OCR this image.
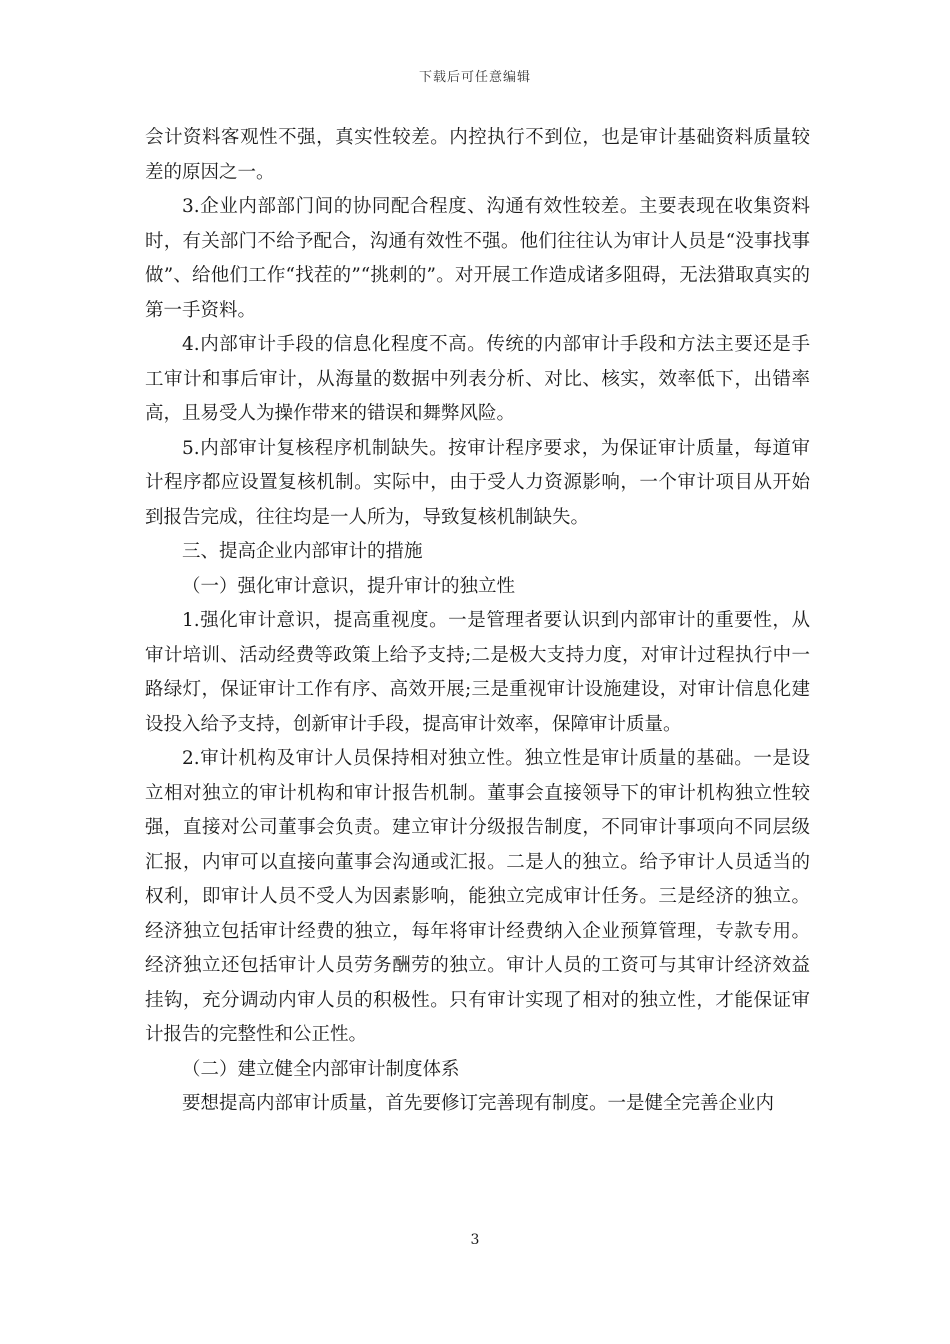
下载后可任意编辑

会计资料客观性不强，真实性较差。内控执行不到位，也是审计基础资料质量较差的原因之一。

3.企业内部部门间的协同配合程度、沟通有效性较差。主要表现在收集资料时，有关部门不给予配合，沟通有效性不强。他们往往认为审计人员是“没事找事做”、给他们工作“找茬的”“挑刺的”。对开展工作造成诸多阻碍，无法猎取真实的第一手资料。

4.内部审计手段的信息化程度不高。传统的内部审计手段和方法主要还是手工审计和事后审计，从海量的数据中列表分析、对比、核实，效率低下，出错率高，且易受人为操作带来的错误和舞弊风险。

5.内部审计复核程序机制缺失。按审计程序要求，为保证审计质量，每道审计程序都应设置复核机制。实际中，由于受人力资源影响，一个审计项目从开始到报告完成，往往均是一人所为，导致复核机制缺失。

三、提高企业内部审计的措施

（一）强化审计意识，提升审计的独立性

1.强化审计意识，提高重视度。一是管理者要认识到内部审计的重要性，从审计培训、活动经费等政策上给予支持;二是极大支持力度，对审计过程执行中一路绿灯，保证审计工作有序、高效开展;三是重视审计设施建设，对审计信息化建设投入给予支持，创新审计手段，提高审计效率，保障审计质量。

2.审计机构及审计人员保持相对独立性。独立性是审计质量的基础。一是设立相对独立的审计机构和审计报告机制。董事会直接领导下的审计机构独立性较强，直接对公司董事会负责。建立审计分级报告制度，不同审计事项向不同层级汇报，内审可以直接向董事会沟通或汇报。二是人的独立。给予审计人员适当的权利，即审计人员不受人为因素影响，能独立完成审计任务。三是经济的独立。经济独立包括审计经费的独立，每年将审计经费纳入企业预算管理，专款专用。经济独立还包括审计人员劳务酬劳的独立。审计人员的工资可与其审计经济效益挂钩，充分调动内审人员的积极性。只有审计实现了相对的独立性，才能保证审计报告的完整性和公正性。

（二）建立健全内部审计制度体系

要想提高内部审计质量，首先要修订完善现有制度。一是健全完善企业内

3
